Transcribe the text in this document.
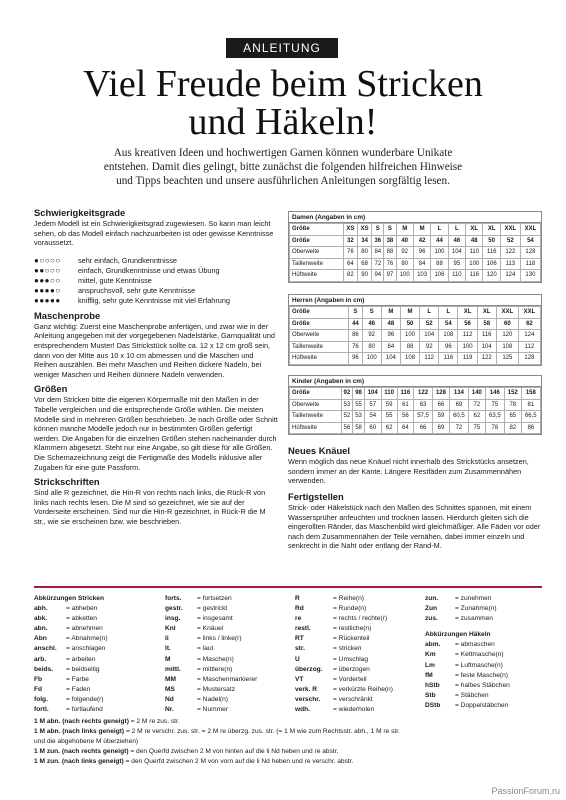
ANLEITUNG
Viel Freude beim Stricken
und Häkeln!
Aus kreativen Ideen und hochwertigen Garnen können wunderbare Unikate
entstehen. Damit dies gelingt, bitte zunächst die folgenden hilfreichen Hinweise
und Tipps beachten und unsere ausführlichen Anleitungen sorgfältig lesen.
Schwierigkeitsgrade

Jedem Modell ist ein Schwierigkeitsgrad zugewiesen. So kann man leicht sehen, ob das Modell einfach nachzuarbeiten ist oder gewisse Kenntnisse voraussetzt.

●○○○○	sehr einfach, Grundkenntnisse
●●○○○	einfach, Grundkenntnisse und etwas Übung
●●●○○	mittel, gute Kenntnisse
●●●●○	anspruchsvoll, sehr gute Kenntnisse
●●●●●	knifflig, sehr gute Kenntnisse mit viel Erfahrung
Maschenprobe

Ganz wichtig: Zuerst eine Maschenprobe anfertigen, und zwar wie in der Anleitung angegeben mit der vorgegebenen Nadelstärke, Garnqualität und entsprechendem Muster! Das Strickstück sollte ca. 12 x 12 cm groß sein, dann von der Mitte aus 10 x 10 cm abmessen und die Maschen und Reihen auszählen. Bei mehr Maschen und Reihen dickere Nadeln, bei weniger Maschen und Reihen dünnere Nadeln verwenden.

Größen

Vor dem Stricken bitte die eigenen Körpermaße mit den Maßen in der Tabelle vergleichen und die entsprechende Größe wählen. Die meisten Modelle sind in mehreren Größen beschrieben. Je nach Größe oder Schnitt können manche Modelle jedoch nur in bestimmten Größen gefertigt werden. Die Angaben für die einzelnen Größen stehen nacheinander durch Klammern abgesetzt. Steht nur eine Angabe, so gilt diese für alle Größen. Die Schemazeichnung zeigt die Fertigmaße des Modells inklusive aller Zugaben für eine gute Passform.

Strickschriften

Sind alle R gezeichnet, die Hin-R von rechts nach links, die Rück-R von links nach rechts lesen. Die M sind so gezeichnet, wie sie auf der Vorderseite erscheinen. Sind nur die Hin-R gezeichnet, in Rück-R die M str., wie sie erscheinen bzw. wie beschrieben.

Damen (Angaben in cm)
Größe	XS	XS	S	S	M	M	L	L	XL	XL	XXL	XXL
Größe	32	34	36	38	40	42	44	46	48	50	52	54
Oberweite	76	80	84	88	92	96	100	104	110	116	122	128
Taillenweite	64	68	72	76	80	84	88	95	100	106	113	118
Hüftweite	82	90	94	97	100	103	106	110	116	120	124	130
Herren (Angaben in cm)
Größe	S	S	M	M	L	L	XL	XL	XXL	XXL
Größe	44	46	48	50	52	54	56	58	60	62
Oberweite	86	92	96	100	104	108	112	116	120	124
Taillenweite	76	80	84	88	92	96	100	104	108	112
Hüftweite	96	100	104	108	112	116	119	122	125	128
Kinder (Angaben in cm)
Größe	92	98	104	110	116	122	128	134	140	146	152	158
Oberweite	53	55	57	59	61	63	66	69	72	75	78	81
Taillenweite	52	53	54	55	56	57,5	59	60,5	62	63,5	65	66,5
Hüftweite	56	58	60	62	64	66	69	72	75	78	82	86
Neues Knäuel

Wenn möglich das neue Knäuel nicht innerhalb des Strickstücks ansetzen, sondern immer an der Kante. Längere Restfäden zum Zusammennähen verwenden.

Fertigstellen

Strick- oder Häkelstück nach den Maßen des Schnittes spannen, mit einem Wassersprüher anfeuchten und trocknen lassen. Hierdurch gleiten sich die eingerollten Ränder, das Maschenbild wird gleichmäßiger. Alle Fäden vor oder nach dem Zusammennähen der Teile vernähen, dabei immer einzeln und senkrecht in die Naht oder entlang der Rand-M.

Abkürzungen Stricken
abh.	= abheben
abk.	= abketten
abn.	= abnehmen
Abn	= Abnahme(n)
anschl.	= anschlagen
arb.	= arbeiten
beids.	= beidseitig
Fb	= Farbe
Fd	= Faden
folg.	= folgende(r)
fortl.	= fortlaufend
forts.	= fortsetzen
gestr.	= gestrickt
insg.	= insgesamt
Knl	= Knäuel
li	= links / linke(r)
lt.	= laut
M	= Masche(n)
mittl.	= mittlere(n)
MM	= Maschenmarkierer
MS	= Mustersatz
Nd	= Nadel(n)
Nr.	= Nummer
R	= Reihe(n)
Rd	= Runde(n)
re	= rechts / rechte(r)
restl.	= restliche(n)
RT	= Rückenteil
str.	= stricken
U	= Umschlag
überzog.	= überzogen
VT	= Vorderteil
verk. R	= verkürzte Reihe(n)
verschr.	= verschränkt
wdh.	= wiederholen
zun.	= zunehmen
Zun	= Zunahme(n)
zus.	= zusammen
Abkürzungen Häkeln
abm.	= abmaschen
Km	= Kettmasche(n)
Lm	= Luftmasche(n)
fM	= feste Masche(n)
hStb	= halbes Stäbchen
Stb	= Stäbchen
DStb	= Doppelstäbchen
1 M abn. (nach rechts geneigt) = 2 M re zus. str.
1 M abn. (nach links geneigt) = 2 M re verschr. zus. str. = 2 M re überzg. zus. str. (= 1 M wie zum Rechtsstr. abh., 1 M re str.
und die abgehobene M überziehen)
1 M zun. (nach rechts geneigt) = den Querfd zwischen 2 M von hinten auf die li Nd heben und re abstr.
1 M zun. (nach links geneigt) = den Querfd zwischen 2 M von vorn auf die li Nd heben und re verschr. abstr.
PassionForum.ru
